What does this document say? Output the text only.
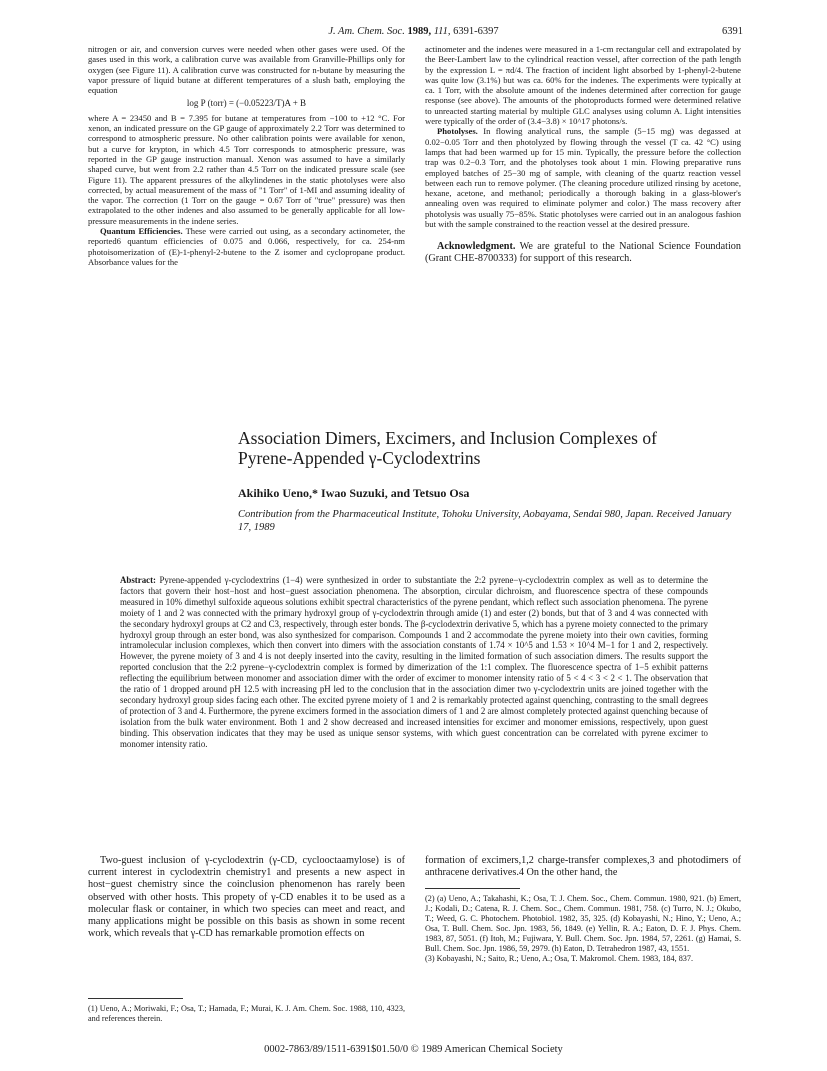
J. Am. Chem. Soc. 1989, 111, 6391-6397	6391

nitrogen or air, and conversion curves were needed when other gases were used. Of the gases used in this work, a calibration curve was available from Granville-Phillips only for oxygen (see Figure 11). A calibration curve was constructed for n-butane by measuring the vapor pressure of liquid butane at different temperatures of a slush bath, employing the equation

log P (torr) = (−0.05223/T)A + B

where A = 23450 and B = 7.395 for butane at temperatures from −100 to +12 °C. For xenon, an indicated pressure on the GP gauge of approximately 2.2 Torr was determined to correspond to atmospheric pressure. No other calibration points were available for xenon, but a curve for krypton, in which 4.5 Torr corresponds to atmospheric pressure, was reported in the GP gauge instruction manual. Xenon was assumed to have a similarly shaped curve, but went from 2.2 rather than 4.5 Torr on the indicated pressure scale (see Figure 11). The apparent pressures of the alkylindenes in the static photolyses were also corrected, by actual measurement of the mass of "1 Torr" of 1-MI and assuming ideality of the vapor. The correction (1 Torr on the gauge = 0.67 Torr of "true" pressure) was then extrapolated to the other indenes and also assumed to be generally applicable for all low-pressure measurements in the indene series.

Quantum Efficiencies. These were carried out using, as a secondary actinometer, the reported6 quantum efficiencies of 0.075 and 0.066, respectively, for ca. 254-nm photoisomerization of (E)-1-phenyl-2-butene to the Z isomer and cyclopropane product. Absorbance values for the

actinometer and the indenes were measured in a 1-cm rectangular cell and extrapolated by the Beer-Lambert law to the cylindrical reaction vessel, after correction of the path length by the expression L = πd/4. The fraction of incident light absorbed by 1-phenyl-2-butene was quite low (3.1%) but was ca. 60% for the indenes. The experiments were typically at ca. 1 Torr, with the absolute amount of the indenes determined after correction for gauge response (see above). The amounts of the photoproducts formed were determined relative to unreacted starting material by multiple GLC analyses using column A. Light intensities were typically of the order of (3.4−3.8) × 10^17 photons/s.

Photolyses. In flowing analytical runs, the sample (5−15 mg) was degassed at 0.02−0.05 Torr and then photolyzed by flowing through the vessel (T ca. 42 °C) using lamps that had been warmed up for 15 min. Typically, the pressure before the collection trap was 0.2−0.3 Torr, and the photolyses took about 1 min. Flowing preparative runs employed batches of 25−30 mg of sample, with cleaning of the quartz reaction vessel between each run to remove polymer. (The cleaning procedure utilized rinsing by acetone, hexane, acetone, and methanol; periodically a thorough baking in a glass-blower's annealing oven was required to eliminate polymer and color.) The mass recovery after photolysis was usually 75−85%. Static photolyses were carried out in an analogous fashion but with the sample constrained to the reaction vessel at the desired pressure.

Acknowledgment. We are grateful to the National Science Foundation (Grant CHE-8700333) for support of this research.

Association Dimers, Excimers, and Inclusion Complexes of
Pyrene-Appended γ-Cyclodextrins
Akihiko Ueno,* Iwao Suzuki, and Tetsuo Osa
Contribution from the Pharmaceutical Institute, Tohoku University, Aobayama, Sendai 980, Japan. Received January 17, 1989
Abstract: Pyrene-appended γ-cyclodextrins (1−4) were synthesized in order to substantiate the 2:2 pyrene−γ-cyclodextrin complex as well as to determine the factors that govern their host−host and host−guest association phenomena. The absorption, circular dichroism, and fluorescence spectra of these compounds measured in 10% dimethyl sulfoxide aqueous solutions exhibit spectral characteristics of the pyrene pendant, which reflect such association phenomena. The pyrene moiety of 1 and 2 was connected with the primary hydroxyl group of γ-cyclodextrin through amide (1) and ester (2) bonds, but that of 3 and 4 was connected with the secondary hydroxyl groups at C2 and C3, respectively, through ester bonds. The β-cyclodextrin derivative 5, which has a pyrene moiety connected to the primary hydroxyl group through an ester bond, was also synthesized for comparison. Compounds 1 and 2 accommodate the pyrene moiety into their own cavities, forming intramolecular inclusion complexes, which then convert into dimers with the association constants of 1.74 × 10^5 and 1.53 × 10^4 M−1 for 1 and 2, respectively. However, the pyrene moiety of 3 and 4 is not deeply inserted into the cavity, resulting in the limited formation of such association dimers. The results support the reported conclusion that the 2:2 pyrene−γ-cyclodextrin complex is formed by dimerization of the 1:1 complex. The fluorescence spectra of 1−5 exhibit patterns reflecting the equilibrium between monomer and association dimer with the order of excimer to monomer intensity ratio of 5 < 4 < 3 < 2 < 1. The observation that the ratio of 1 dropped around pH 12.5 with increasing pH led to the conclusion that in the association dimer two γ-cyclodextrin units are joined together with the secondary hydroxyl group sides facing each other. The excited pyrene moiety of 1 and 2 is remarkably protected against quenching, contrasting to the small degrees of protection of 3 and 4. Furthermore, the pyrene excimers formed in the association dimers of 1 and 2 are almost completely protected against quenching because of isolation from the bulk water environment. Both 1 and 2 show decreased and increased intensities for excimer and monomer emissions, respectively, upon guest binding. This observation indicates that they may be used as unique sensor systems, with which guest concentration can be correlated with pyrene excimer to monomer intensity ratio.

Two-guest inclusion of γ-cyclodextrin (γ-CD, cyclooctaamylose) is of current interest in cyclodextrin chemistry1 and presents a new aspect in host−guest chemistry since the coinclusion phenomenon has rarely been observed with other hosts. This propety of γ-CD enables it to be used as a molecular flask or container, in which two species can meet and react, and many applications might be possible on this basis as shown in some recent work, which reveals that γ-CD has remarkable promotion effects on

formation of excimers,1,2 charge-transfer complexes,3 and photodimers of anthracene derivatives.4 On the other hand, the

(1) Ueno, A.; Moriwaki, F.; Osa, T.; Hamada, F.; Murai, K. J. Am. Chem. Soc. 1988, 110, 4323, and references therein.
(2) (a) Ueno, A.; Takahashi, K.; Osa, T. J. Chem. Soc., Chem. Commun. 1980, 921. (b) Emert, J.; Kodali, D.; Catena, R. J. Chem. Soc., Chem. Commun. 1981, 758. (c) Turro, N. J.; Okubo, T.; Weed, G. C. Photochem. Photobiol. 1982, 35, 325. (d) Kobayashi, N.; Hino, Y.; Ueno, A.; Osa, T. Bull. Chem. Soc. Jpn. 1983, 56, 1849. (e) Yellin, R. A.; Eaton, D. F. J. Phys. Chem. 1983, 87, 5051. (f) Itoh, M.; Fujiwara, Y. Bull. Chem. Soc. Jpn. 1984, 57, 2261. (g) Hamai, S. Bull. Chem. Soc. Jpn. 1986, 59, 2979. (h) Eaton, D. Tetrahedron 1987, 43, 1551.
(3) Kobayashi, N.; Saito, R.; Ueno, A.; Osa, T. Makromol. Chem. 1983, 184, 837.
0002-7863/89/1511-6391$01.50/0 © 1989 American Chemical Society
